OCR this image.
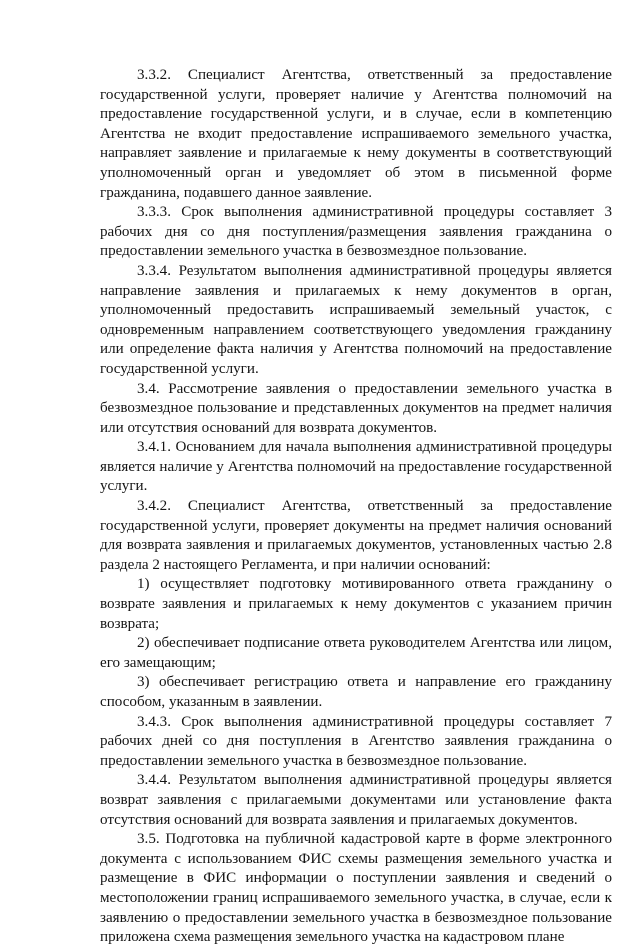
3.3.2. Специалист Агентства, ответственный за предоставление государственной услуги, проверяет наличие у Агентства полномочий на предоставление государственной услуги, и в случае, если в компетенцию Агентства не входит предоставление испрашиваемого земельного участка, направляет заявление и прилагаемые к нему документы в соответствующий уполномоченный орган и уведомляет об этом в письменной форме гражданина, подавшего данное заявление.

3.3.3. Срок выполнения административной процедуры составляет 3 рабочих дня со дня поступления/размещения заявления гражданина о предоставлении земельного участка в безвозмездное пользование.

3.3.4. Результатом выполнения административной процедуры является направление заявления и прилагаемых к нему документов в орган, уполномоченный предоставить испрашиваемый земельный участок, с одновременным направлением соответствующего уведомления гражданину или определение факта наличия у Агентства полномочий на предоставление государственной услуги.

3.4. Рассмотрение заявления о предоставлении земельного участка в безвозмездное пользование и представленных документов на предмет наличия или отсутствия оснований для возврата документов.

3.4.1. Основанием для начала выполнения административной процедуры является наличие у Агентства полномочий на предоставление государственной услуги.

3.4.2. Специалист Агентства, ответственный за предоставление государственной услуги, проверяет документы на предмет наличия оснований для возврата заявления и прилагаемых документов, установленных частью 2.8 раздела 2 настоящего Регламента, и при наличии оснований:

1) осуществляет подготовку мотивированного ответа гражданину о возврате заявления и прилагаемых к нему документов с указанием причин возврата;

2) обеспечивает подписание ответа руководителем Агентства или лицом, его замещающим;

3) обеспечивает регистрацию ответа и направление его гражданину способом, указанным в заявлении.

3.4.3. Срок выполнения административной процедуры составляет 7 рабочих дней со дня поступления в Агентство заявления гражданина о предоставлении земельного участка в безвозмездное пользование.

3.4.4. Результатом выполнения административной процедуры является возврат заявления с прилагаемыми документами или установление факта отсутствия оснований для возврата заявления и прилагаемых документов.

3.5. Подготовка на публичной кадастровой карте в форме электронного документа с использованием ФИС схемы размещения земельного участка и размещение в ФИС информации о поступлении заявления и сведений о местоположении границ испрашиваемого земельного участка, в случае, если к заявлению о предоставлении земельного участка в безвозмездное пользование приложена схема размещения земельного участка на кадастровом плане
